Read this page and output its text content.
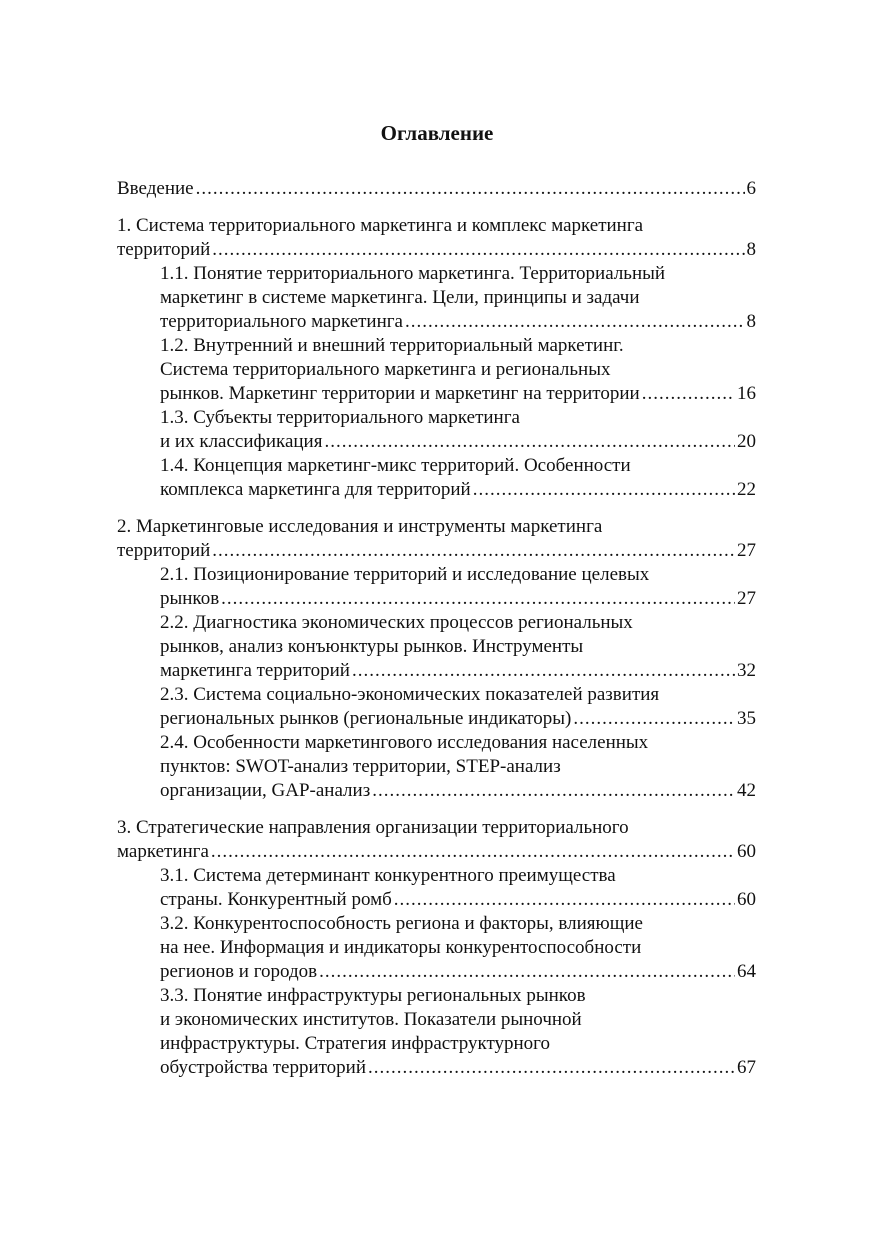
Оглавление
Введение .....	6
1. Система территориального маркетинга и комплекс маркетинга
территорий .....	8
1.1. Понятие территориального маркетинга. Территориальный
маркетинг в системе маркетинга. Цели, принципы и задачи
территориального маркетинга .....	8
1.2. Внутренний и внешний территориальный маркетинг.
Система территориального маркетинга и региональных
рынков. Маркетинг территории и маркетинг на территории .....	16
1.3. Субъекты территориального маркетинга
и их классификация .....	20
1.4. Концепция маркетинг-микс территорий. Особенности
комплекса маркетинга для территорий .....	22
2. Маркетинговые исследования и инструменты маркетинга
территорий .....	27
2.1. Позиционирование территорий и исследование целевых
рынков .....	27
2.2. Диагностика экономических процессов региональных
рынков, анализ конъюнктуры рынков. Инструменты
маркетинга территорий .....	32
2.3. Система социально-экономических показателей развития
региональных рынков (региональные индикаторы) .....	35
2.4. Особенности маркетингового исследования населенных
пунктов: SWOT-анализ территории, STEP-анализ
организации, GAP-анализ .....	42
3. Стратегические направления организации территориального
маркетинга .....	60
3.1. Система детерминант конкурентного преимущества
страны. Конкурентный ромб .....	60
3.2. Конкурентоспособность региона и факторы, влияющие
на нее. Информация и индикаторы конкурентоспособности
регионов и городов .....	64
3.3. Понятие инфраструктуры региональных рынков
и экономических институтов. Показатели рыночной
инфраструктуры. Стратегия инфраструктурного
обустройства территорий .....	67
